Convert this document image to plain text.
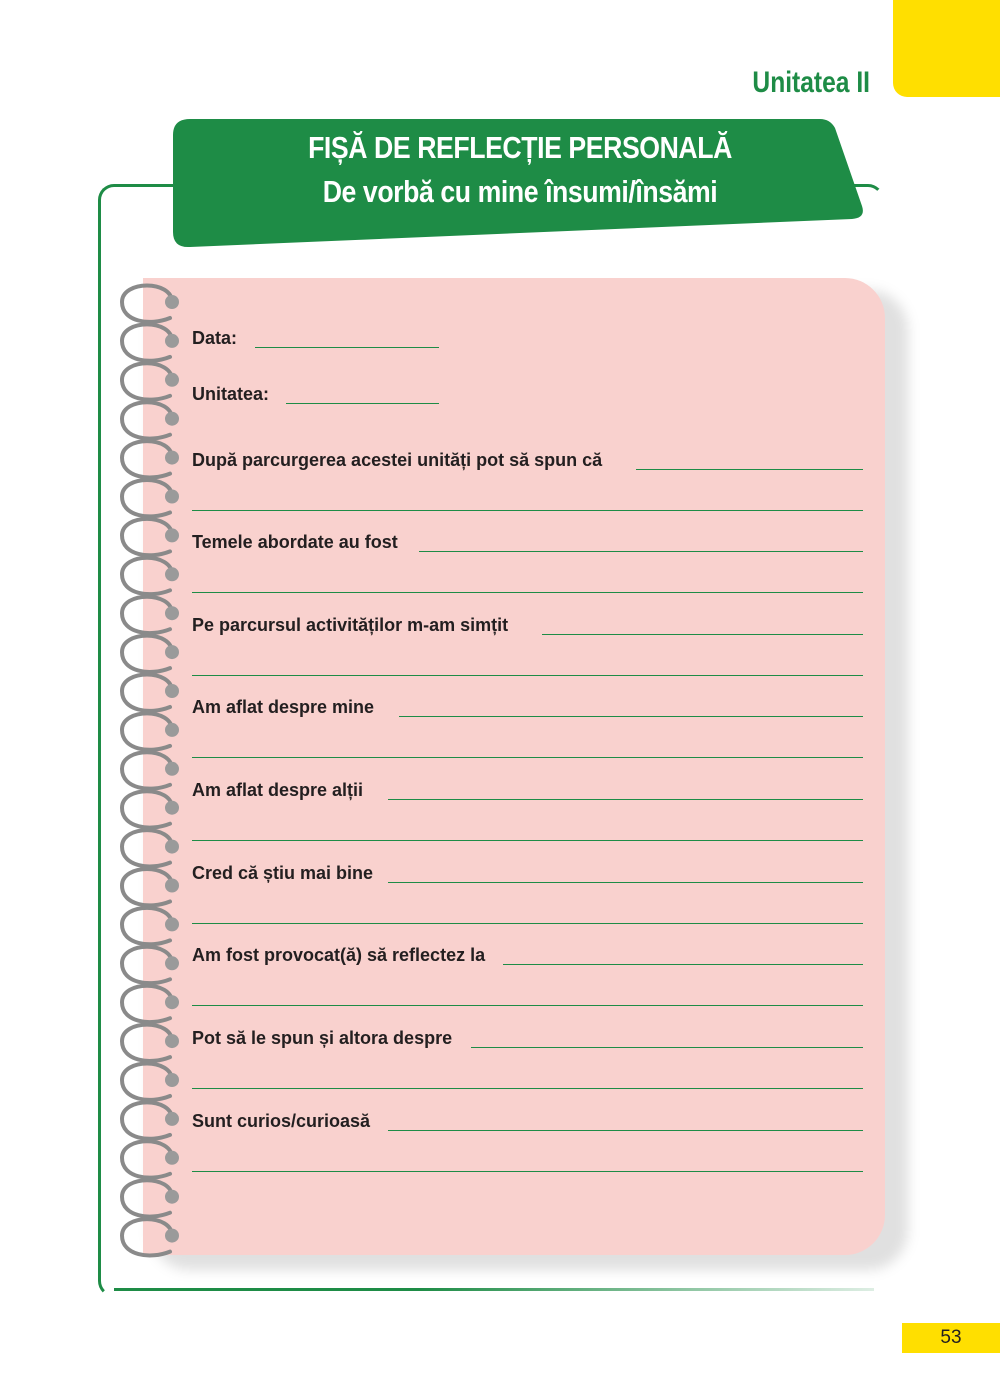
Unitatea II
FIȘĂ DE REFLECȚIE PERSONALĂ
De vorbă cu mine însumi/însămi
Data:
Unitatea:
După parcurgerea acestei unități pot să spun că
Temele abordate au fost
Pe parcursul activităților m-am simțit
Am aflat despre mine
Am aflat despre alții
Cred că știu mai bine
Am fost provocat(ă) să reflectez la
Pot să le spun și altora despre
Sunt curios/curioasă
53
